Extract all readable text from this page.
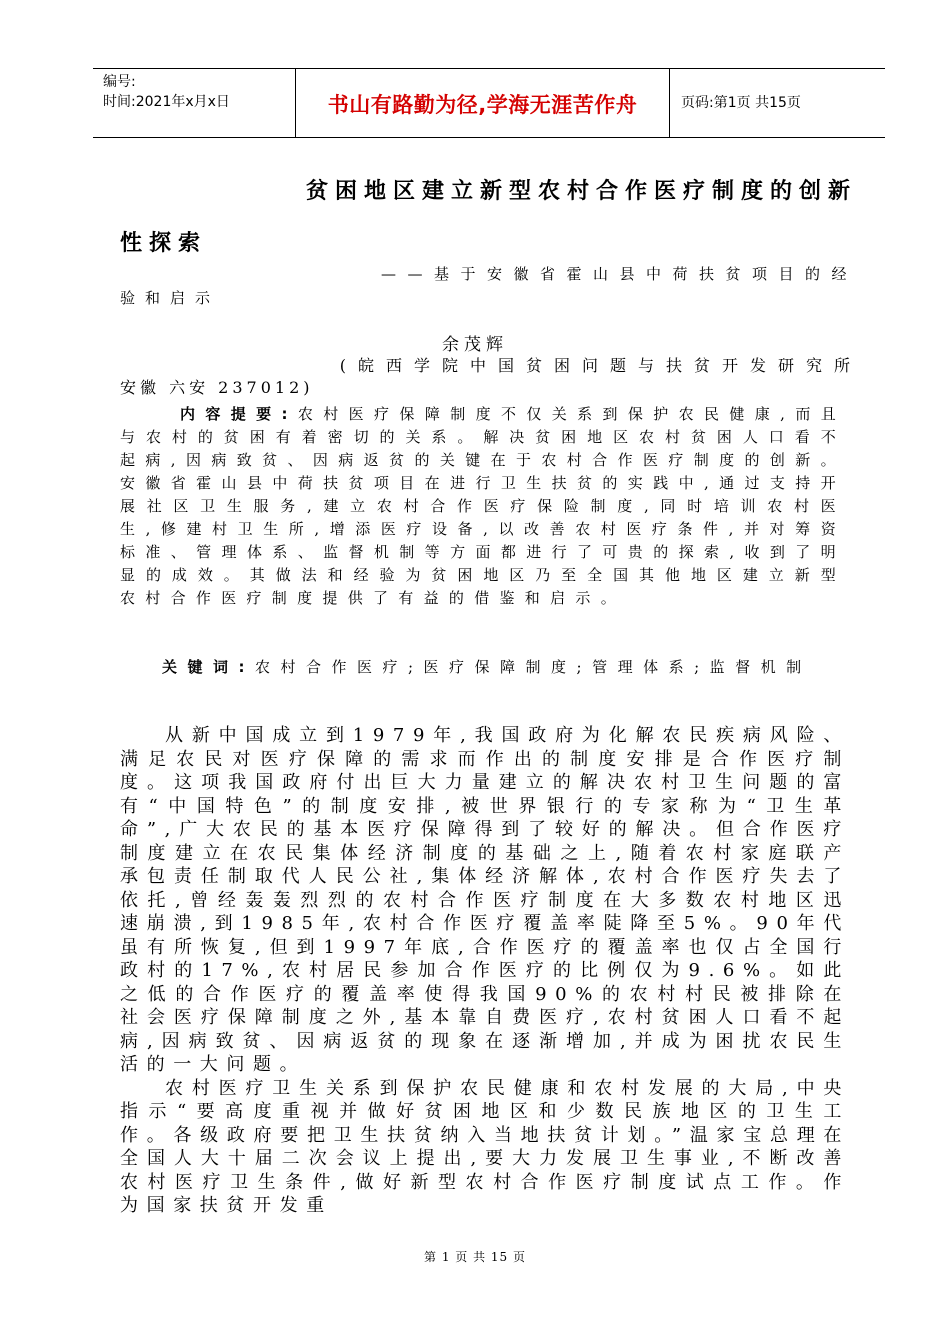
编号:
时间:2021年x月x日	书山有路勤为径,学海无涯苦作舟	页码:第1页 共15页
贫困地区建立新型农村合作医疗制度的创新
性探索
——基于安徽省霍山县中荷扶贫项目的经
验和启示
余茂辉
(皖西学院中国贫困问题与扶贫开发研究所
安徽 六安 237012)

内容提要:农村医疗保障制度不仅关系到保护农民健康,而且与农村的贫困有着密切的关系。解决贫困地区农村贫困人口看不起病,因病致贫、因病返贫的关键在于农村合作医疗制度的创新。安徽省霍山县中荷扶贫项目在进行卫生扶贫的实践中,通过支持开展社区卫生服务,建立农村合作医疗保险制度,同时培训农村医生,修建村卫生所,增添医疗设备,以改善农村医疗条件,并对筹资标准、管理体系、监督机制等方面都进行了可贵的探索,收到了明显的成效。其做法和经验为贫困地区乃至全国其他地区建立新型农村合作医疗制度提供了有益的借鉴和启示。

关键词:农村合作医疗;医疗保障制度;管理体系;监督机制

从新中国成立到1979年,我国政府为化解农民疾病风险、满足农民对医疗保障的需求而作出的制度安排是合作医疗制度。这项我国政府付出巨大力量建立的解决农村卫生问题的富有“中国特色”的制度安排,被世界银行的专家称为“卫生革命”,广大农民的基本医疗保障得到了较好的解决。但合作医疗制度建立在农民集体经济制度的基础之上,随着农村家庭联产承包责任制取代人民公社,集体经济解体,农村合作医疗失去了依托,曾经轰轰烈烈的农村合作医疗制度在大多数农村地区迅速崩溃,到1985年,农村合作医疗覆盖率陡降至5%。90年代虽有所恢复,但到1997年底,合作医疗的覆盖率也仅占全国行政村的17%,农村居民参加合作医疗的比例仅为9.6%。如此之低的合作医疗的覆盖率使得我国90%的农村村民被排除在社会医疗保障制度之外,基本靠自费医疗,农村贫困人口看不起病,因病致贫、因病返贫的现象在逐渐增加,并成为困扰农民生活的一大问题。

农村医疗卫生关系到保护农民健康和农村发展的大局,中央指示“要高度重视并做好贫困地区和少数民族地区的卫生工作。各级政府要把卫生扶贫纳入当地扶贫计划。”温家宝总理在全国人大十届二次会议上提出,要大力发展卫生事业,不断改善农村医疗卫生条件,做好新型农村合作医疗制度试点工作。作为国家扶贫开发重

第 1 页 共 15 页
